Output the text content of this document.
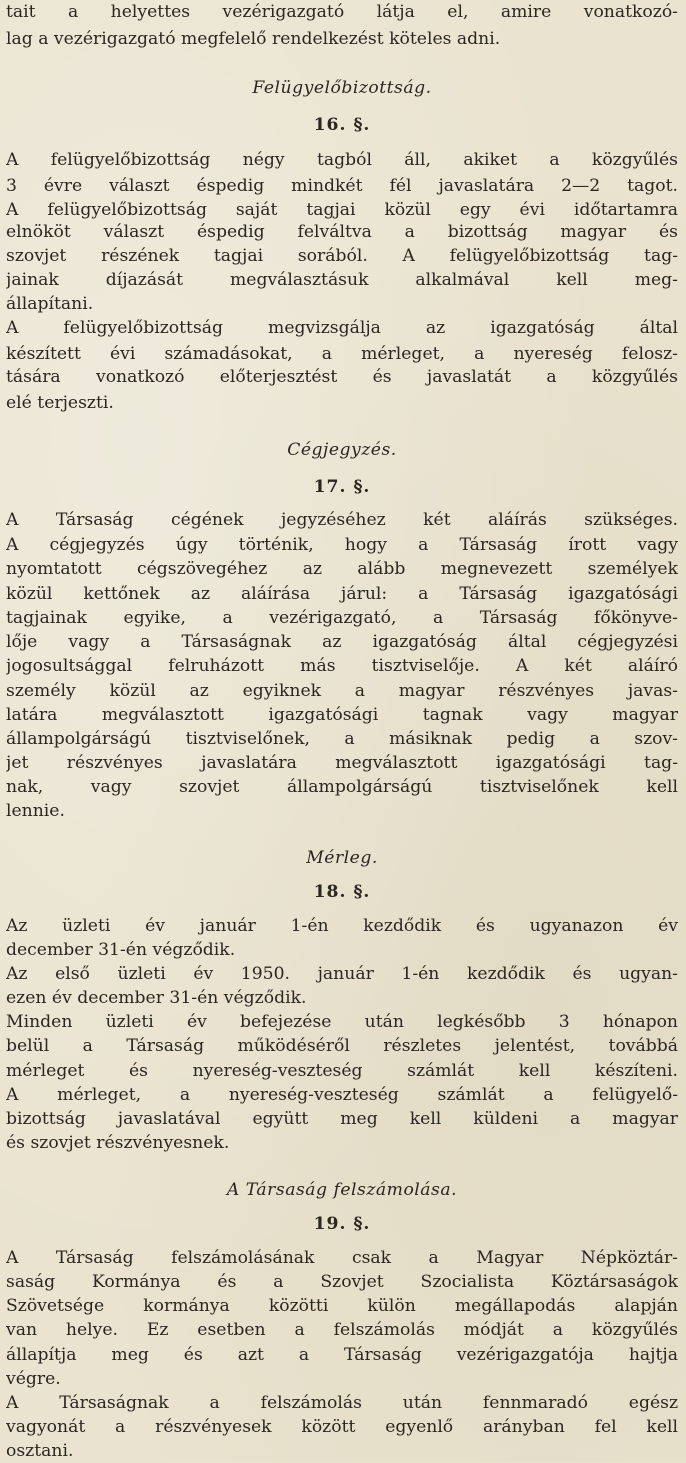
tait a helyettes vezérigazgató látja el, amire vonatkozó-
lag a vezérigazgató megfelelő rendelkezést köteles adni.
Felügyelőbizottság.
16. §.
A felügyelőbizottság négy tagból áll, akiket a közgyűlés
3 évre választ éspedig mindkét fél javaslatára 2—2 tagot.
A felügyelőbizottság saját tagjai közül egy évi időtartamra
elnököt választ éspedig felváltva a bizottság magyar és
szovjet részének tagjai sorából. A felügyelőbizottság tag-
jainak díjazását megválasztásuk alkalmával kell meg-
állapítani.
A felügyelőbizottság megvizsgálja az igazgatóság által
készített évi számadásokat, a mérleget, a nyereség felosz-
tására vonatkozó előterjesztést és javaslatát a közgyűlés
elé terjeszti.
Cégjegyzés.
17. §.
A Társaság cégének jegyzéséhez két aláírás szükséges.
A cégjegyzés úgy történik, hogy a Társaság írott vagy
nyomtatott cégszövegéhez az alább megnevezett személyek
közül kettőnek az aláírása járul: a Társaság igazgatósági
tagjainak egyike, a vezérigazgató, a Társaság főkönyve-
lője vagy a Társaságnak az igazgatóság által cégjegyzési
jogosultsággal felruházott más tisztviselője. A két aláíró
személy közül az egyiknek a magyar részvényes javas-
latára megválasztott igazgatósági tagnak vagy magyar
állampolgárságú tisztviselőnek, a másiknak pedig a szov-
jet részvényes javaslatára megválasztott igazgatósági tag-
nak, vagy szovjet állampolgárságú tisztviselőnek kell
lennie.
Mérleg.
18. §.
Az üzleti év január 1-én kezdődik és ugyanazon év
december 31-én végződik.
Az első üzleti év 1950. január 1-én kezdődik és ugyan-
ezen év december 31-én végződik.
Minden üzleti év befejezése után legkésőbb 3 hónapon
belül a Társaság működéséről részletes jelentést, továbbá
mérleget és nyereség-veszteség számlát kell készíteni.
A mérleget, a nyereség-veszteség számlát a felügyelő-
bizottság javaslatával együtt meg kell küldeni a magyar
és szovjet részvényesnek.
A Társaság felszámolása.
19. §.
A Társaság felszámolásának csak a Magyar Népköztár-
saság Kormánya és a Szovjet Szocialista Köztársaságok
Szövetsége kormánya közötti külön megállapodás alapján
van helye. Ez esetben a felszámolás módját a közgyűlés
állapítja meg és azt a Társaság vezérigazgatója hajtja
végre.
A Társaságnak a felszámolás után fennmaradó egész
vagyonát a részvényesek között egyenlő arányban fel kell
osztani.
